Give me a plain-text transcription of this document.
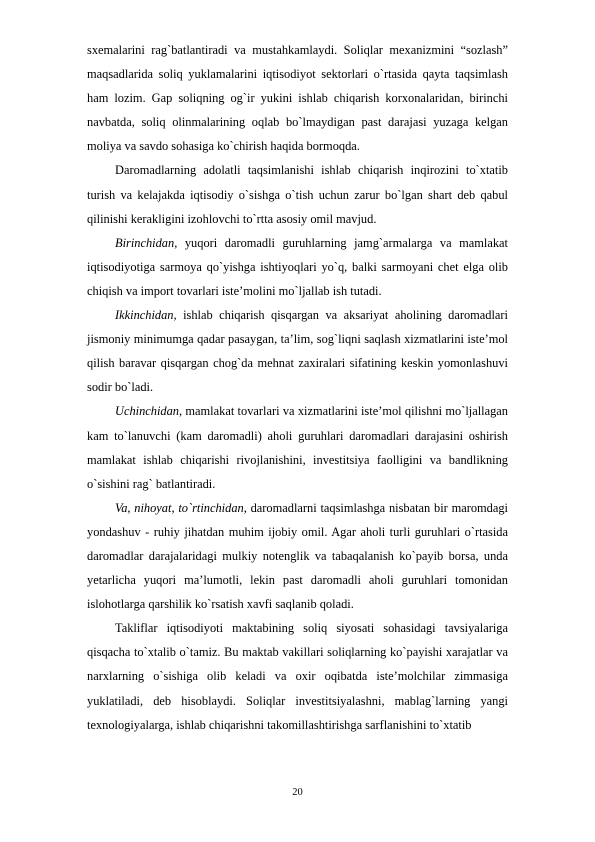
sxemalarini rag`batlantiradi va mustahkamlaydi. Soliqlar mexanizmini “sozlash” maqsadlarida soliq yuklamalarini iqtisodiyot sektorlari o`rtasida qayta taqsimlash ham lozim. Gap soliqning og`ir yukini ishlab chiqarish korxonalaridan, birinchi navbatda, soliq olinmalarining oqlab bo`lmaydigan past darajasi yuzaga kelgan moliya va savdo sohasiga ko`chirish haqida bormoqda.

Daromadlarning adolatli taqsimlanishi ishlab chiqarish inqirozini to`xtatib turish va kelajakda iqtisodiy o`sishga o`tish uchun zarur bo`lgan shart deb qabul qilinishi kerakligini izohlovchi to`rtta asosiy omil mavjud.

Birinchidan, yuqori daromadli guruhlarning jamg`armalarga va mamlakat iqtisodiyotiga sarmoya qo`yishga ishtiyoqlari yo`q, balki sarmoyani chet elga olib chiqish va import tovarlari iste’molini mo`ljallab ish tutadi.

Ikkinchidan, ishlab chiqarish qisqargan va aksariyat aholining daromadlari jismoniy minimumga qadar pasaygan, ta’lim, sog`liqni saqlash xizmatlarini iste’mol qilish baravar qisqargan chog`da mehnat zaxiralari sifatining keskin yomonlashuvi sodir bo`ladi.

Uchinchidan, mamlakat tovarlari va xizmatlarini iste’mol qilishni mo`ljallagan kam to`lanuvchi (kam daromadli) aholi guruhlari daromadlari darajasini oshirish mamlakat ishlab chiqarishi rivojlanishini, investitsiya faolligini va bandlikning o`sishini rag` batlantiradi.

Va, nihoyat, to`rtinchidan, daromadlarni taqsimlashga nisbatan bir maromdagi yondashuv - ruhiy jihatdan muhim ijobiy omil. Agar aholi turli guruhlari o`rtasida daromadlar darajalaridagi mulkiy notenglik va tabaqalanish ko`payib borsa, unda yetarlicha yuqori ma’lumotli, lekin past daromadli aholi guruhlari tomonidan islohotlarga qarshilik ko`rsatish xavfi saqlanib qoladi.

Takliflar iqtisodiyoti maktabining soliq siyosati sohasidagi tavsiyalariga qisqacha to`xtalib o`tamiz. Bu maktab vakillari soliqlarning ko`payishi xarajatlar va narxlarning o`sishiga olib keladi va oxir oqibatda iste’molchilar zimmasiga yuklatiladi, deb hisoblaydi. Soliqlar investitsiyalashni, mablag`larning yangi texnologiyalarga, ishlab chiqarishni takomillashtirishga sarflanishini to`xtatib

20
